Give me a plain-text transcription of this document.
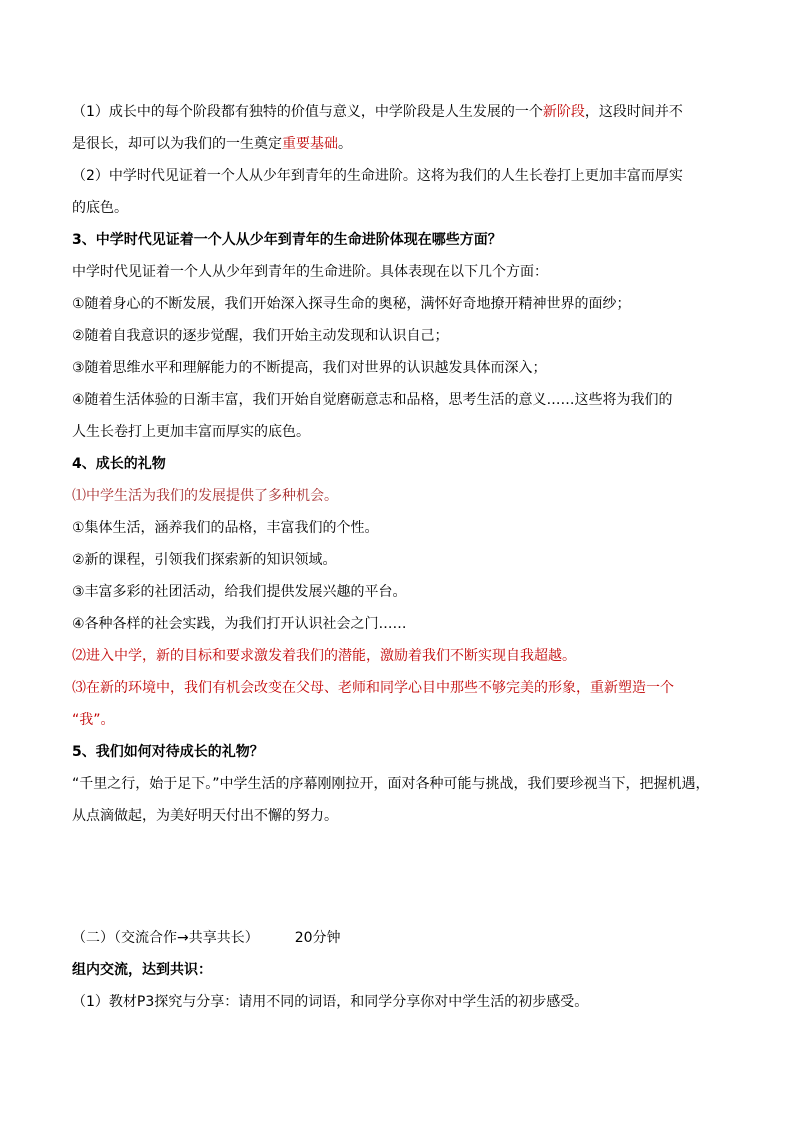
（1）成长中的每个阶段都有独特的价值与意义，中学阶段是人生发展的一个新阶段，这段时间并不

是很长，却可以为我们的一生奠定重要基础。

（2）中学时代见证着一个人从少年到青年的生命进阶。这将为我们的人生长卷打上更加丰富而厚实

的底色。

3、中学时代见证着一个人从少年到青年的生命进阶体现在哪些方面？

中学时代见证着一个人从少年到青年的生命进阶。具体表现在以下几个方面：

①随着身心的不断发展，我们开始深入探寻生命的奥秘，满怀好奇地撩开精神世界的面纱；

②随着自我意识的逐步觉醒，我们开始主动发现和认识自己；

③随着思维水平和理解能力的不断提高，我们对世界的认识越发具体而深入；

④随着生活体验的日渐丰富，我们开始自觉磨砺意志和品格，思考生活的意义……这些将为我们的

人生长卷打上更加丰富而厚实的底色。

4、成长的礼物

⑴中学生活为我们的发展提供了多种机会。

①集体生活，涵养我们的品格，丰富我们的个性。

②新的课程，引领我们探索新的知识领域。

③丰富多彩的社团活动，给我们提供发展兴趣的平台。

④各种各样的社会实践，为我们打开认识社会之门……

⑵进入中学，新的目标和要求激发着我们的潜能，激励着我们不断实现自我超越。

⑶在新的环境中，我们有机会改变在父母、老师和同学心目中那些不够完美的形象，重新塑造一个

“我”。

5、我们如何对待成长的礼物？

“千里之行，始于足下。”中学生活的序幕刚刚拉开，面对各种可能与挑战，我们要珍视当下，把握机遇，

从点滴做起，为美好明天付出不懈的努力。

（二）（交流合作→共享共长）	20分钟

组内交流，达到共识：

（1）教材P3探究与分享：请用不同的词语，和同学分享你对中学生活的初步感受。
